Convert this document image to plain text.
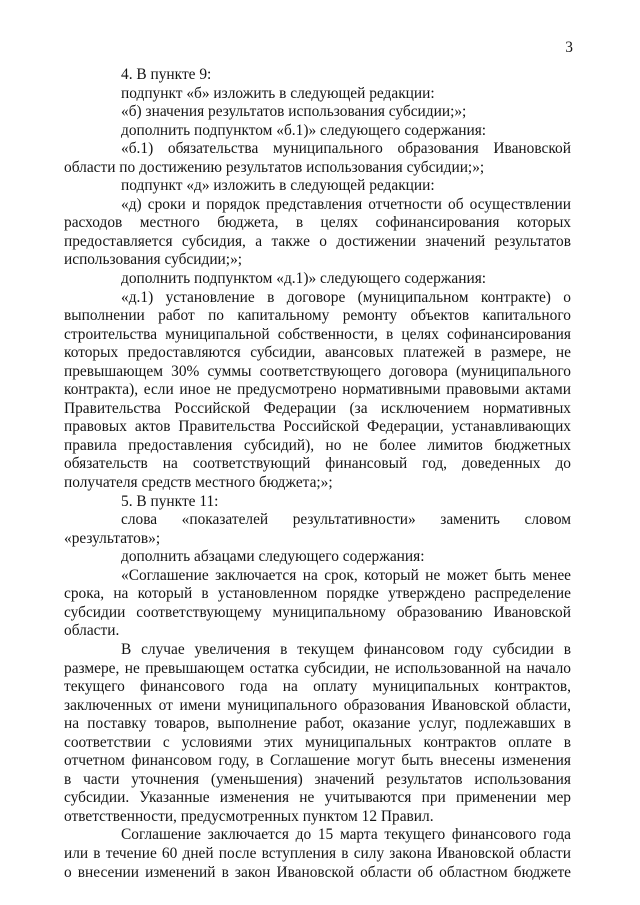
3
4. В пункте 9:
подпункт «б» изложить в следующей редакции:
«б) значения результатов использования субсидии;»;
дополнить подпунктом «б.1)» следующего содержания:
«б.1) обязательства муниципального образования Ивановской
области по достижению результатов использования субсидии;»;
подпункт «д» изложить в следующей редакции:
«д) сроки и порядок представления отчетности об осуществлении
расходов местного бюджета, в целях софинансирования которых
предоставляется субсидия, а также о достижении значений результатов
использования субсидии;»;
дополнить подпунктом «д.1)» следующего содержания:
«д.1) установление в договоре (муниципальном контракте) о
выполнении работ по капитальному ремонту объектов капитального
строительства муниципальной собственности, в целях софинансирования
которых предоставляются субсидии, авансовых платежей в размере, не
превышающем 30% суммы соответствующего договора (муниципального
контракта), если иное не предусмотрено нормативными правовыми актами
Правительства Российской Федерации (за исключением нормативных
правовых актов Правительства Российской Федерации, устанавливающих
правила предоставления субсидий), но не более лимитов бюджетных
обязательств на соответствующий финансовый год, доведенных до
получателя средств местного бюджета;»;
5. В пункте 11:
слова «показателей результативности» заменить словом
«результатов»;
дополнить абзацами следующего содержания:
«Соглашение заключается на срок, который не может быть менее
срока, на который в установленном порядке утверждено распределение
субсидии соответствующему муниципальному образованию Ивановской
области.
В случае увеличения в текущем финансовом году субсидии в
размере, не превышающем остатка субсидии, не использованной на начало
текущего финансового года на оплату муниципальных контрактов,
заключенных от имени муниципального образования Ивановской области,
на поставку товаров, выполнение работ, оказание услуг, подлежавших в
соответствии с условиями этих муниципальных контрактов оплате в
отчетном финансовом году, в Соглашение могут быть внесены изменения
в части уточнения (уменьшения) значений результатов использования
субсидии. Указанные изменения не учитываются при применении мер
ответственности, предусмотренных пунктом 12 Правил.
Соглашение заключается до 15 марта текущего финансового года
или в течение 60 дней после вступления в силу закона Ивановской области
о внесении изменений в закон Ивановской области об областном бюджете
